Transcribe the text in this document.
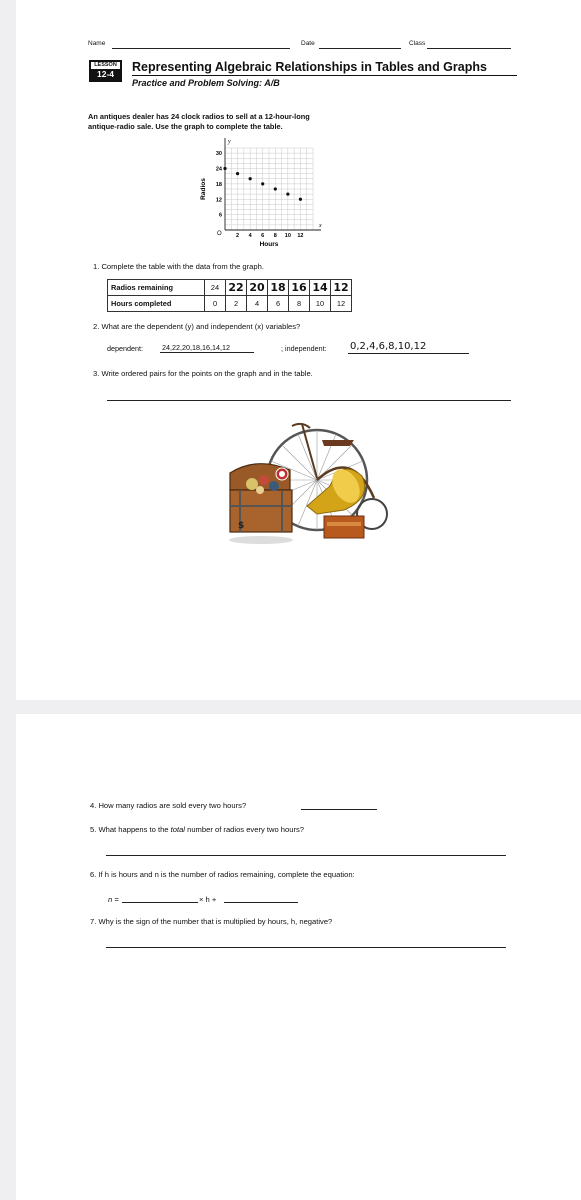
Name	Date	Class
LESSON
12-4	Representing Algebraic Relationships in Tables and Graphs
Practice and Problem Solving: A/B
An antiques dealer has 24 clock radios to sell at a 12-hour-long
antique-radio sale. Use the graph to complete the table.
x
y
O	2 4 6 8 10 12
6
12
18
24
30
Hours
Radios
1. Complete the table with the data from the graph.
Radios remaining	24	22	20	18	16	14	12
Hours completed	0	2	4	6	8	10	12
2. What are the dependent (y) and independent (x) variables?
dependent:	24,22,20,18,16,14,12	; independent: 0,2,4,6,8,10,12
3. Write ordered pairs for the points on the graph and in the table.
$
4. How many radios are sold every two hours?
5. What happens to the total number of radios every two hours?
6. If h is hours and n is the number of radios remaining, complete the equation:
n =	× h +
7. Why is the sign of the number that is multiplied by hours, h, negative?
